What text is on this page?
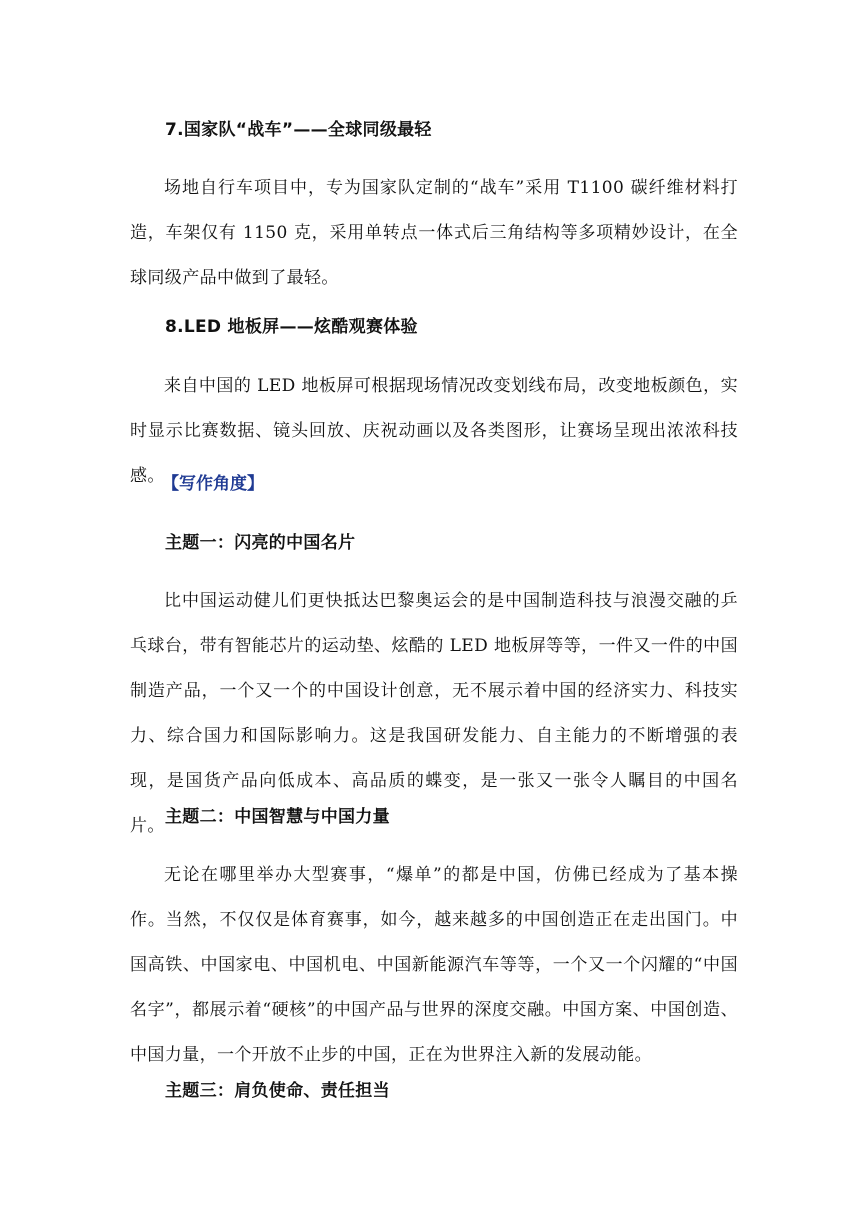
7.国家队“战车”——全球同级最轻
场地自行车项目中，专为国家队定制的“战车”采用 T1100 碳纤维材料打造，车架仅有 1150 克，采用单转点一体式后三角结构等多项精妙设计，在全球同级产品中做到了最轻。
8.LED 地板屏——炫酷观赛体验
来自中国的 LED 地板屏可根据现场情况改变划线布局，改变地板颜色，实时显示比赛数据、镜头回放、庆祝动画以及各类图形，让赛场呈现出浓浓科技感。
【写作角度】
主题一：闪亮的中国名片
比中国运动健儿们更快抵达巴黎奥运会的是中国制造科技与浪漫交融的乒乓球台，带有智能芯片的运动垫、炫酷的 LED 地板屏等等，一件又一件的中国制造产品，一个又一个的中国设计创意，无不展示着中国的经济实力、科技实力、综合国力和国际影响力。这是我国研发能力、自主能力的不断增强的表现，是国货产品向低成本、高品质的蝶变，是一张又一张令人瞩目的中国名片。 主题二：中国智慧与中国力量
无论在哪里举办大型赛事，“爆单”的都是中国，仿佛已经成为了基本操作。当然，不仅仅是体育赛事，如今，越来越多的中国创造正在走出国门。中国高铁、中国家电、中国机电、中国新能源汽车等等，一个又一个闪耀的“中国名字”，都展示着“硬核”的中国产品与世界的深度交融。中国方案、中国创造、中国力量，一个开放不止步的中国，正在为世界注入新的发展动能。
主题三：肩负使命、责任担当
